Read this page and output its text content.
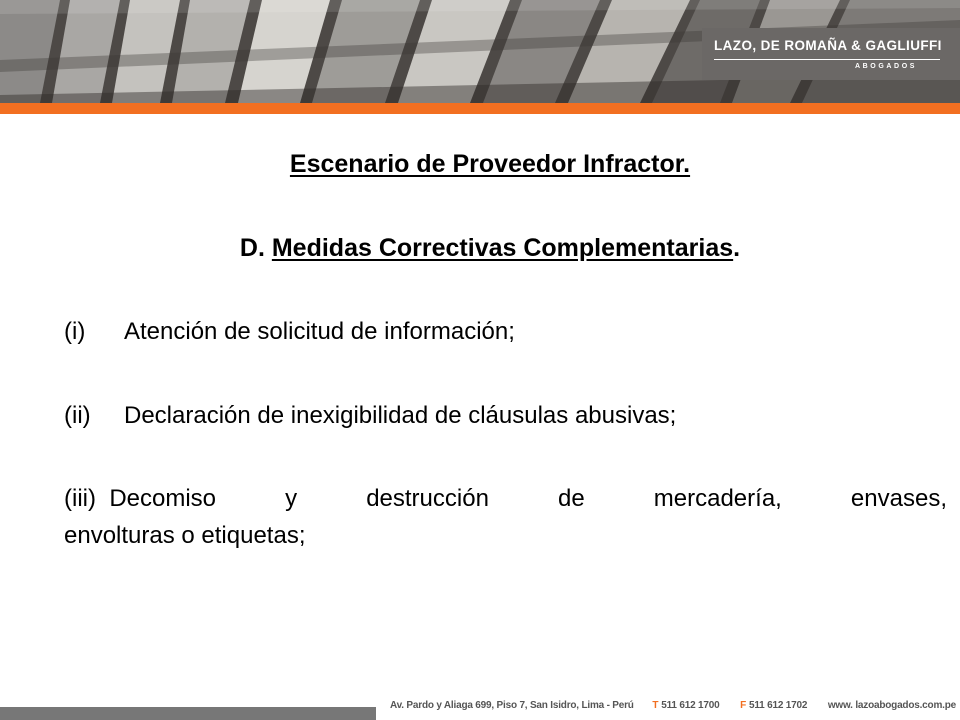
LAZO, DE ROMAÑA & GAGLIUFFI
ABOGADOS
Escenario de Proveedor Infractor.
D. Medidas Correctivas Complementarias.
(i) Atención de solicitud de información;
(ii) Declaración de inexigibilidad de cláusulas abusivas;
(iii) Decomiso	y	destrucción	de	mercadería,	envases,
envolturas o etiquetas;
Av. Pardo y Aliaga 699, Piso 7, San Isidro, Lima - Perú T 511 612 1700 F 511 612 1702 www. lazoabogados.com.pe
